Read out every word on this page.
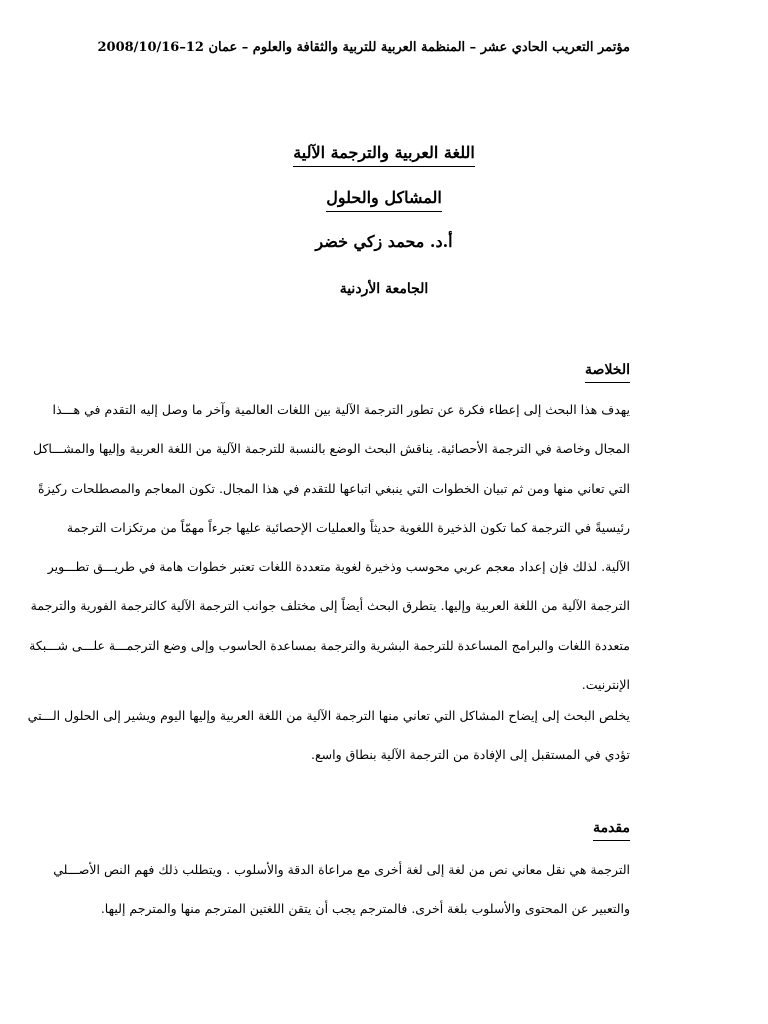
مؤتمر التعريب الحادي عشر – المنظمة العربية للتربية والثقافة والعلوم – عمان 12–2008/10/16
اللغة العربية والترجمة الآلية
المشاكل والحلول
أ.د. محمد زكي خضر
الجامعة الأردنية
الخلاصة
يهدف هذا البحث إلى إعطاء فكرة عن تطور الترجمة الآلية بين اللغات العالمية وآخر ما وصل إليه التقدم في هـــذا
المجال وخاصة في الترجمة الأحصائية. يناقش البحث الوضع بالنسبة للترجمة الآلية من اللغة العربية وإليها والمشـــاكل
التي تعاني منها ومن ثم تبيان الخطوات التي ينبغي اتباعها للتقدم في هذا المجال. تكون المعاجم والمصطلحات ركيزةً
رئيسيةً في الترجمة كما تكون الذخيرة اللغوية حديثاً والعمليات الإحصائية عليها جرءاً مهمّاً من مرتكزات الترجمة
الآلية. لذلك فإن إعداد معجم عربي محوسب وذخيرة لغوية متعددة اللغات تعتبر خطوات هامة في طريـــق تطـــوير
الترجمة الآلية من اللغة العربية وإليها. يتطرق البحث أيضاً إلى مختلف جوانب الترجمة الآلية كالترجمة الفورية والترجمة
متعددة اللغات والبرامج المساعدة للترجمة البشرية والترجمة بمساعدة الحاسوب وإلى وضع الترجمـــة علـــى شـــبكة
الإنترنيت.
يخلص البحث إلى إيضاح المشاكل التي تعاني منها الترجمة الآلية من اللغة العربية وإليها اليوم ويشير إلى الحلول الـــتي
تؤدي في المستقبل إلى الإفادة من الترجمة الآلية بنطاق واسع.
مقدمة
الترجمة هي نقل معاني نص من لغة إلى لغة أخرى مع مراعاة الدقة والأسلوب . ويتطلب ذلك فهم النص الأصـــلي
والتعبير عن المحتوى والأسلوب بلغة أخرى. فالمترجم يجب أن يتقن اللغتين المترجم منها والمترجم إليها.
